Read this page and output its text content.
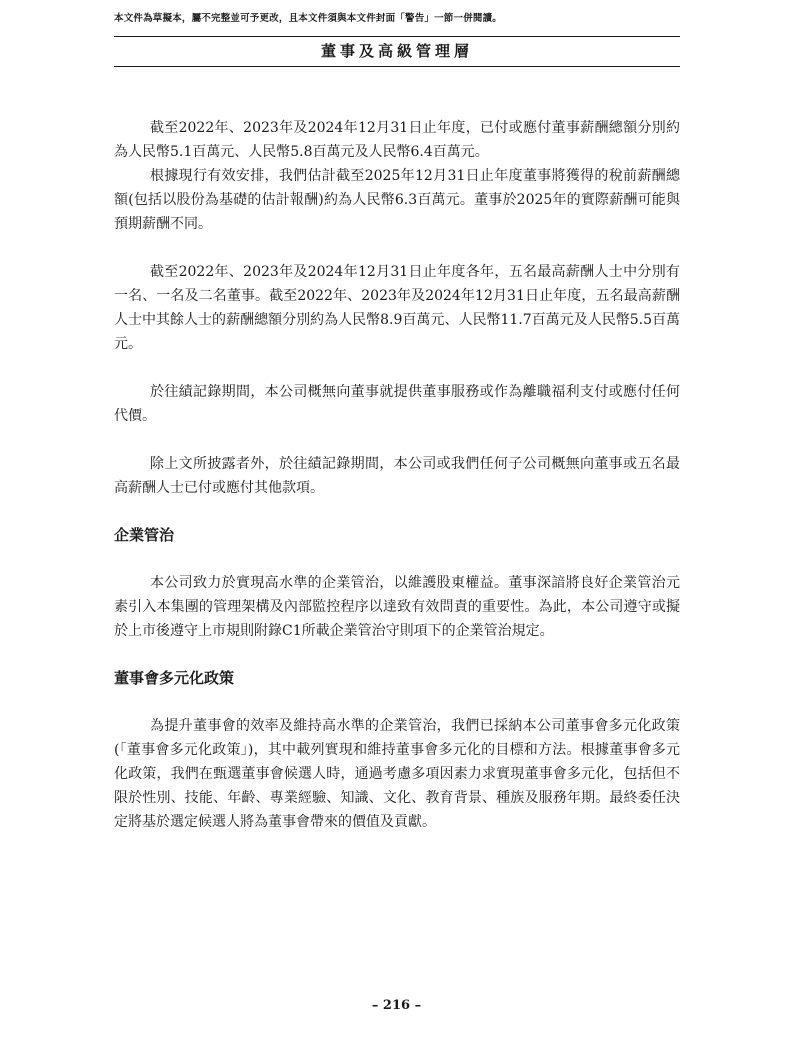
本文件為草擬本，屬不完整並可予更改，且本文件須與本文件封面「警告」一節一併閱讀。
董事及高級管理層

截至2022年、2023年及2024年12月31日止年度，已付或應付董事薪酬總額分別約為人民幣5.1百萬元、人民幣5.8百萬元及人民幣6.4百萬元。

根據現行有效安排，我們估計截至2025年12月31日止年度董事將獲得的稅前薪酬總額(包括以股份為基礎的估計報酬)約為人民幣6.3百萬元。董事於2025年的實際薪酬可能與預期薪酬不同。

截至2022年、2023年及2024年12月31日止年度各年，五名最高薪酬人士中分別有一名、一名及二名董事。截至2022年、2023年及2024年12月31日止年度，五名最高薪酬人士中其餘人士的薪酬總額分別約為人民幣8.9百萬元、人民幣11.7百萬元及人民幣5.5百萬元。

於往績記錄期間，本公司概無向董事就提供董事服務或作為離職福利支付或應付任何代價。

除上文所披露者外，於往績記錄期間，本公司或我們任何子公司概無向董事或五名最高薪酬人士已付或應付其他款項。

企業管治

本公司致力於實現高水準的企業管治，以維護股東權益。董事深諳將良好企業管治元素引入本集團的管理架構及內部監控程序以達致有效問責的重要性。為此，本公司遵守或擬於上市後遵守上市規則附錄C1所載企業管治守則項下的企業管治規定。

董事會多元化政策

為提升董事會的效率及維持高水準的企業管治，我們已採納本公司董事會多元化政策(「董事會多元化政策」)，其中載列實現和維持董事會多元化的目標和方法。根據董事會多元化政策，我們在甄選董事會候選人時，通過考慮多項因素力求實現董事會多元化，包括但不限於性別、技能、年齡、專業經驗、知識、文化、教育背景、種族及服務年期。最終委任決定將基於選定候選人將為董事會帶來的價值及貢獻。

– 216 –
